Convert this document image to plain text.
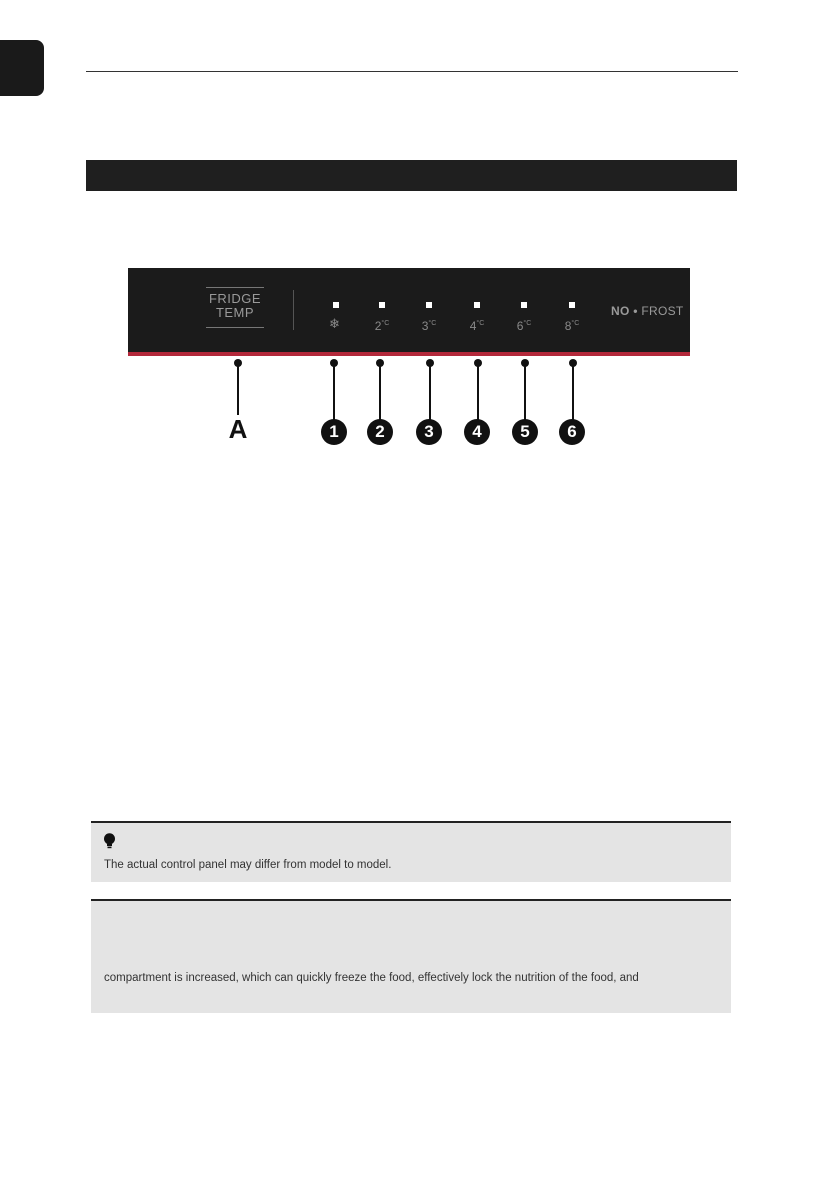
FRIDGE
TEMP
❄	$2^{^\circ C}$	$3^{^\circ C}$	$4^{^\circ C}$	$6^{^\circ C}$	$8^{^\circ C}$
NO • FROST
A	1	2	3	4	5	6
The actual control panel may differ from model to model.
compartment is increased, which can quickly freeze the food, effectively lock the nutrition of the food, and
